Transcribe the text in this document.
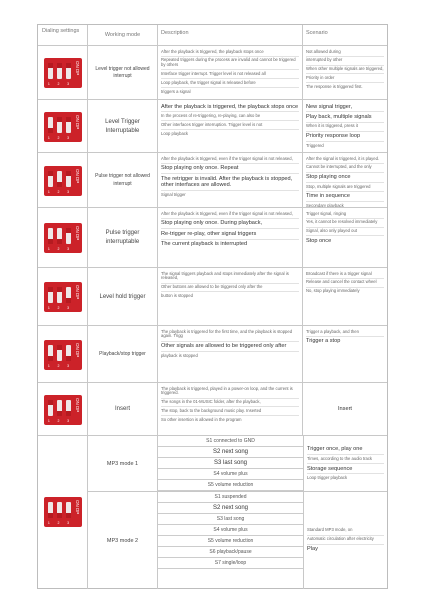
Dialing settings
Working mode	Description	Scenario
ON DP
1 2 3
Level trigger not allowed interrupt
After the playback is triggered, the playback stops once
Repeated triggers during the process are invalid and cannot be triggered by others
Interface trigger interrupt. Trigger level is not released all
Loop playback, the trigger signal is released before
triggers a signal
Not allowed during
interrupted by other
When other multiple signals are triggered,
Priority in order
The response is triggered first.
ON DP
1 2 3
Level Trigger Interruptable
After the playback is triggered, the playback stops once
In the process of re-triggering, re-playing, can also be
Other interfaces trigger interruption. Trigger level is not
Loop playback
New signal trigger,
Play back, multiple signals
When it is triggered, press it
Priority response loop
Triggered
ON DP
1 2 3
Pulse trigger not allowed interrupt
After the playback is triggered, even if the trigger signal is not released,
Stop playing only once. Repeat
The retrigger is invalid. After the playback is stopped, other interfaces are allowed.
Signal trigger
After the signal is triggered, it is played.
Cannot be interrupted, and the only
Stop playing once
Stop, multiple signals are triggered
Time in sequence
Secondary playback
ON DP
1 2 3
Pulse trigger interruptable
After the playback is triggered, even if the trigger signal is not released,
Stop playing only once. During playback,
Re-trigger re-play, other signal triggers
The current playback is interrupted
Trigger signal, ringing
Yes, it cannot be resolved immediately
Signal, also only played out
Stop once
ON DP
1 2 3
Level hold trigger
The signal triggers playback and stops immediately after the signal is released,
Other buttons are allowed to be triggered only after the
button is stopped
Broadcast if there is a trigger signal
Release and cancel the contact wheel
No, stop playing immediately
ON DP
1 2 3
Playback/stop trigger
The playback is triggered for the first time, and the playback is stopped again. Trigg
Other signals are allowed to be triggered only after
playback is stopped
Trigger a playback, and then
Trigger a stop
ON DP
1 2 3
Insert
The playback is triggered, played in a power-on loop, and the current is triggered.
The songs in the 01-MUSIC folder, after the playback,
The stop, back to the background music play. Inserted
So other insertion is allowed in the program
Insert
ON DP
1 2 3
MP3 mode 1
S1 connected to GND
S2 next song
S3 last song
S4 volume plus
S5 volume reduction
Trigger once, play one
Times, according to the audio track
Storage sequence
Loop trigger playback
MP3 mode 2
S1 suspended
S2 next song
S3 last song
S4 volume plus
S5 volume reduction
S6 playback/pause
S7 single/loop
Standard MP3 mode, on
Automatic circulation after electricity
Play
